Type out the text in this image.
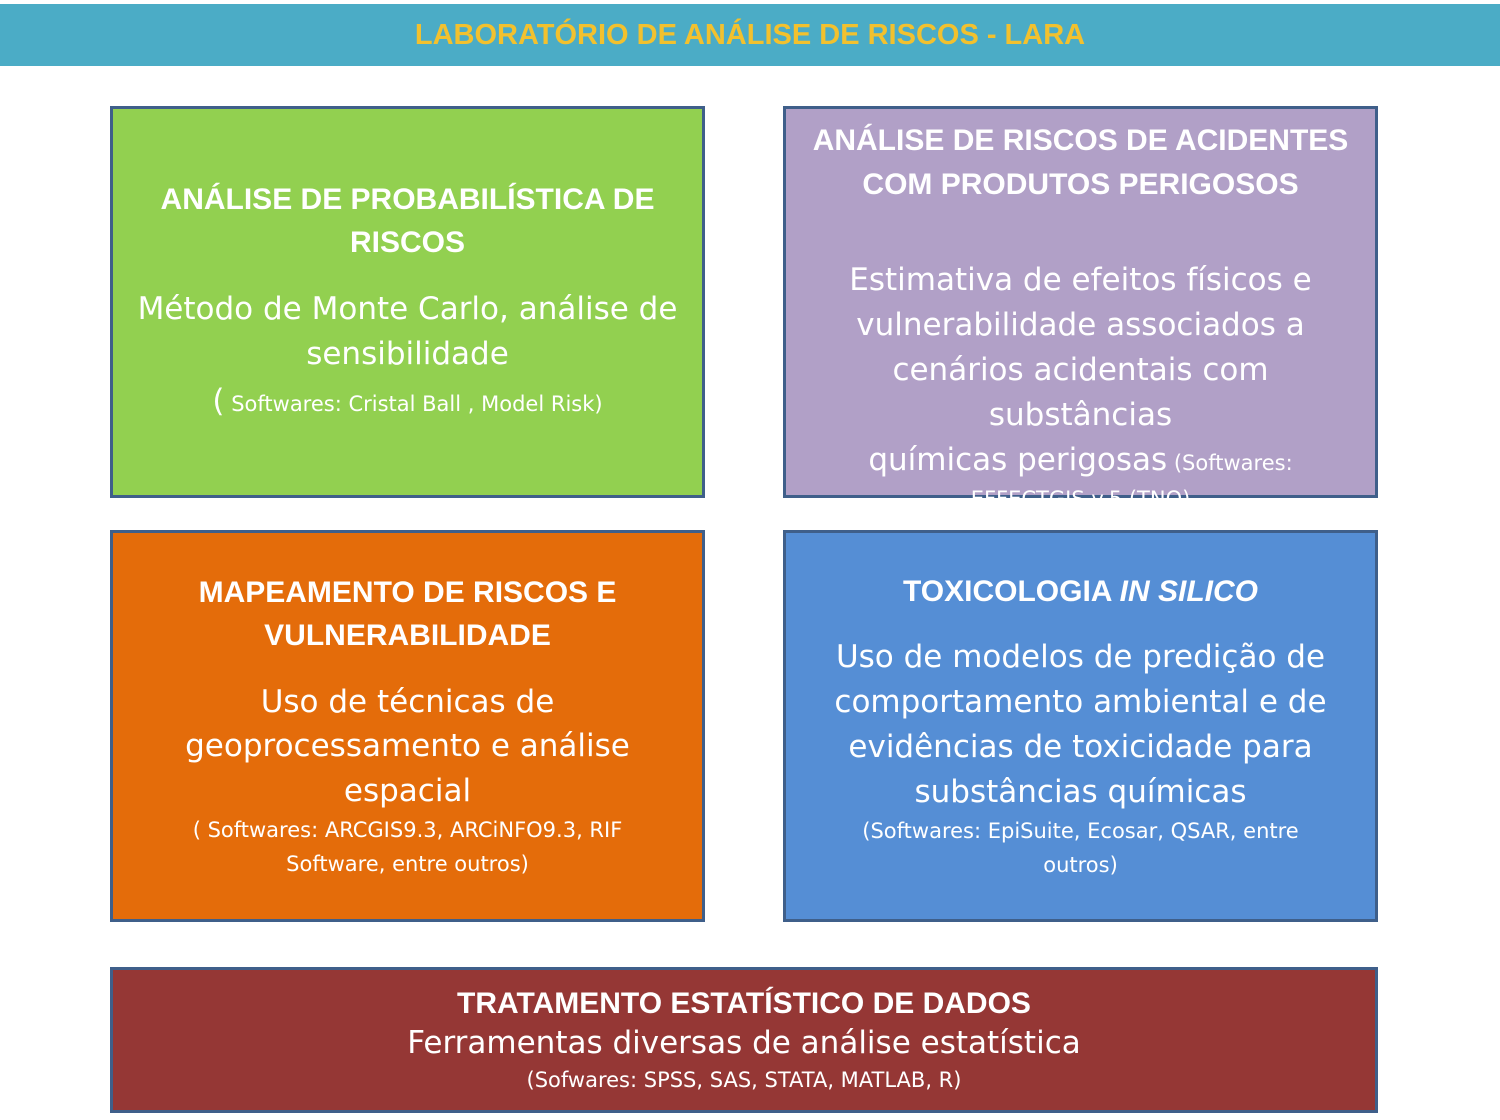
LABORATÓRIO DE ANÁLISE DE RISCOS - LARA
ANÁLISE DE PROBABILÍSTICA DE
RISCOS
Método de Monte Carlo, análise de
sensibilidade
( Softwares: Cristal Ball , Model Risk)
ANÁLISE DE RISCOS DE ACIDENTES
COM PRODUTOS PERIGOSOS
Estimativa de efeitos físicos e
vulnerabilidade associados a
cenários acidentais com substâncias
químicas perigosas (Softwares:
EFFECTGIS v.5 (TNO)
MAPEAMENTO DE RISCOS E
VULNERABILIDADE
Uso de técnicas de
geoprocessamento e análise
espacial
( Softwares: ARCGIS9.3, ARCiNFO9.3, RIF
Software, entre outros)
TOXICOLOGIA IN SILICO
Uso de modelos de predição de
comportamento ambiental e de
evidências de toxicidade para
substâncias químicas
(Softwares: EpiSuite, Ecosar, QSAR, entre
outros)
TRATAMENTO ESTATÍSTICO DE DADOS
Ferramentas diversas de análise estatística
(Sofwares: SPSS, SAS, STATA, MATLAB, R)
